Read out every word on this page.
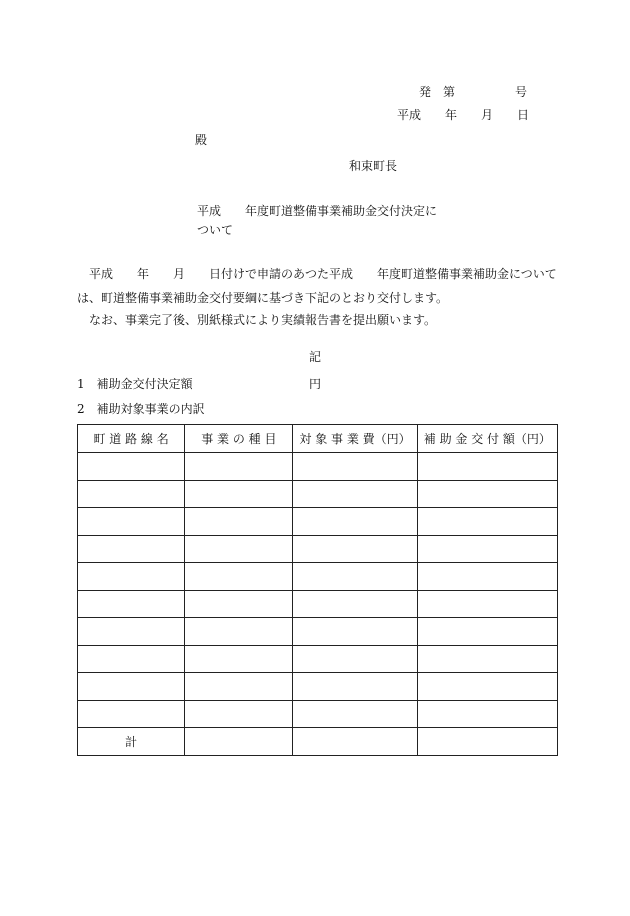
発　第　　　　　号
平成　　年　　月　　日
殿
和束町長
平成　　年度町道整備事業補助金交付決定に
ついて
平成　　年　　月　　日付けで申請のあつた平成　　年度町道整備事業補助金については、町道整備事業補助金交付要綱に基づき下記のとおり交付します。
なお、事業完了後、別紙様式により実績報告書を提出願います。
記
1　補助金交付決定額	円
2　補助対象事業の内訳
町 道 路 線 名	事 業 の 種 目	対 象 事 業 費（円）	補 助 金 交 付 額（円）

計			
